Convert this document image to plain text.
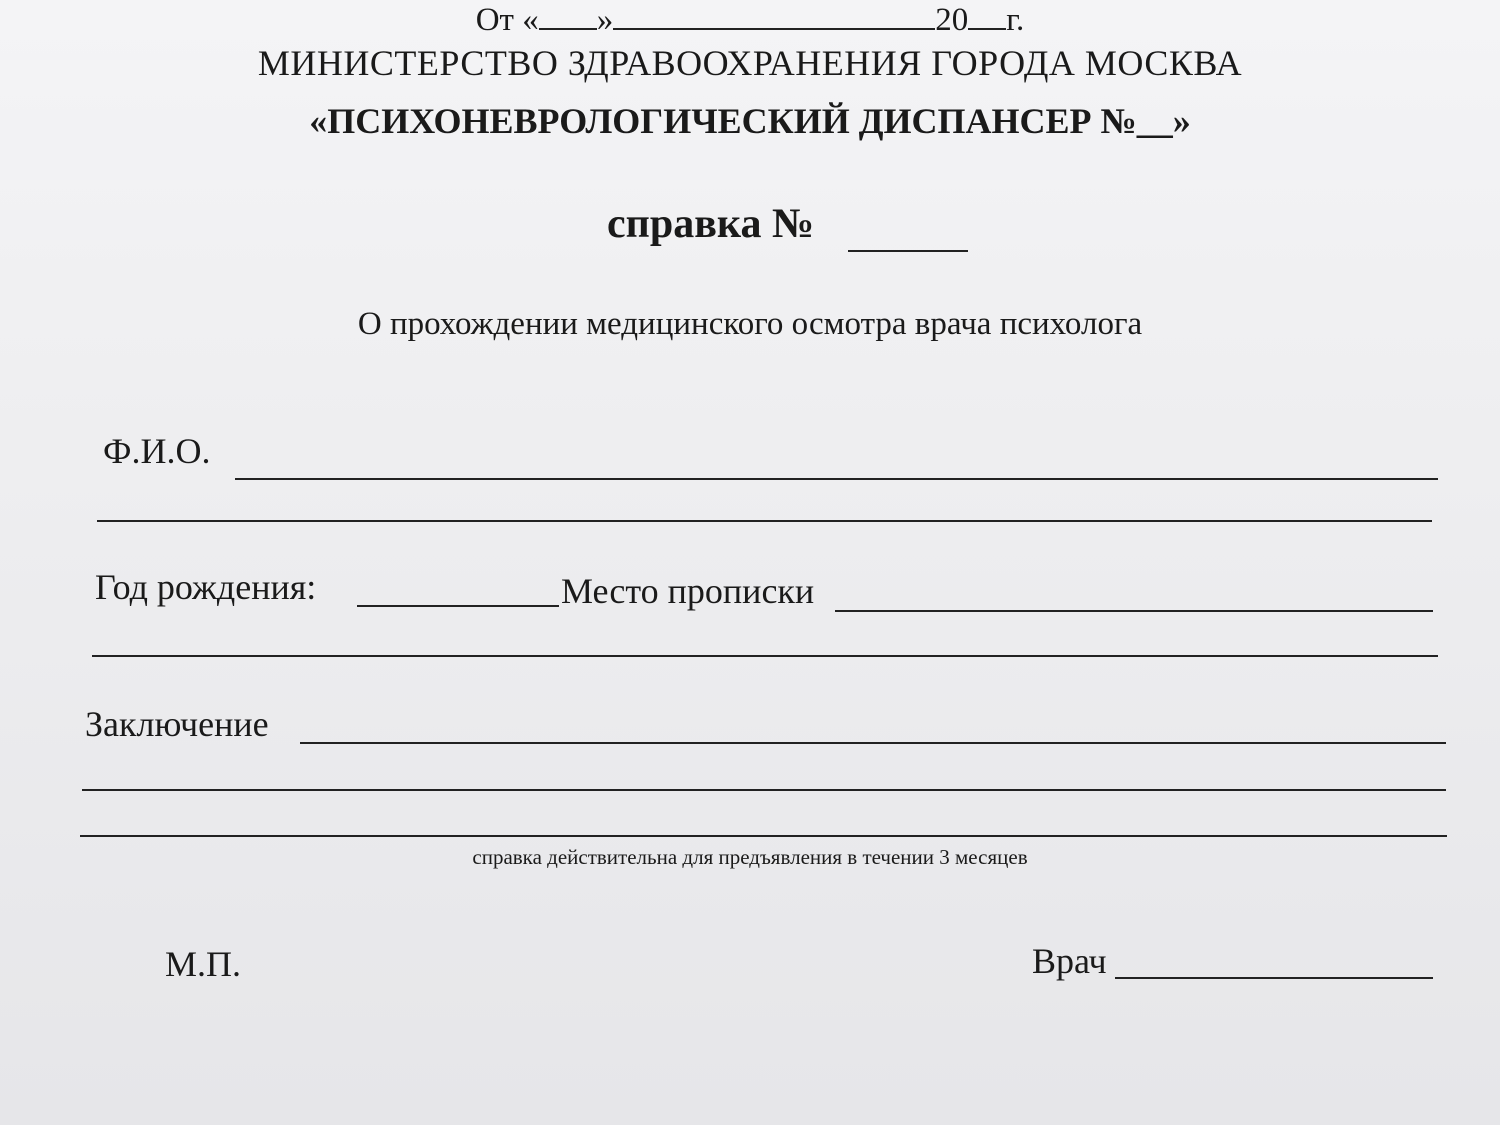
МИНИСТЕРСТВО ЗДРАВООХРАНЕНИЯ ГОРОДА МОСКВА
«ПСИХОНЕВРОЛОГИЧЕСКИЙ ДИСПАНСЕР №__»
справка №
О прохождении медицинского осмотра врача психолога
От « »	20 г.
Ф.И.О.
Год рождения:	Место прописки
Заключение
справка действительна для предъявления в течении 3 месяцев
М.П.	Врач
